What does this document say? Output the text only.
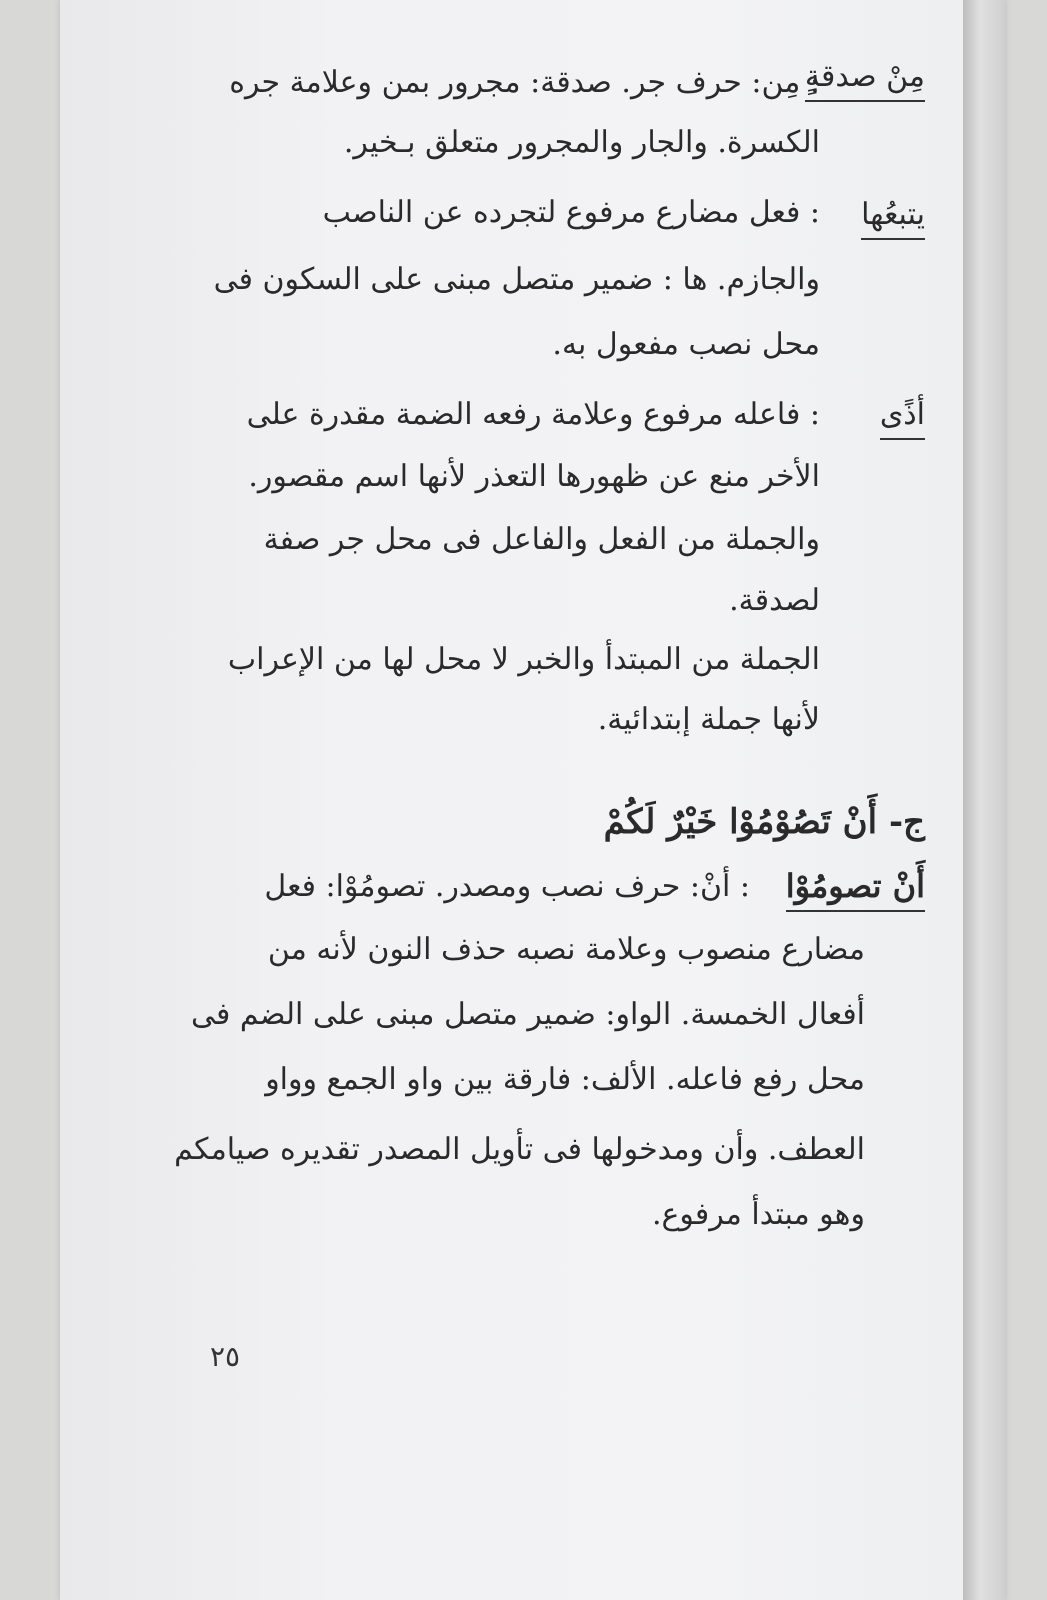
مِنْ صدقةٍ
: مِن: حرف جر. صدقة: مجرور بمن وعلامة جره
الكسرة. والجار والمجرور متعلق بـخير.
يتبعُها
: فعل مضارع مرفوع لتجرده عن الناصب
والجازم. ها : ضمير متصل مبنى على السكون فى
محل نصب مفعول به.
أذًى
: فاعله مرفوع وعلامة رفعه الضمة مقدرة على
الأخر منع عن ظهورها التعذر لأنها اسم مقصور.
والجملة من الفعل والفاعل فى محل جر صفة
لصدقة.
الجملة من المبتدأ والخبر لا محل لها من الإعراب
لأنها جملة إبتدائية.
ج- أَنْ تَصُوْمُوْا خَيْرٌ لَكُمْ
أَنْ تصومُوْا
: أنْ: حرف نصب ومصدر. تصومُوْا: فعل
مضارع منصوب وعلامة نصبه حذف النون لأنه من
أفعال الخمسة. الواو: ضمير متصل مبنى على الضم فى
محل رفع فاعله. الألف: فارقة بين واو الجمع وواو
العطف. وأن ومدخولها فى تأويل المصدر تقديره صيامكم
وهو مبتدأ مرفوع.
٢٥
